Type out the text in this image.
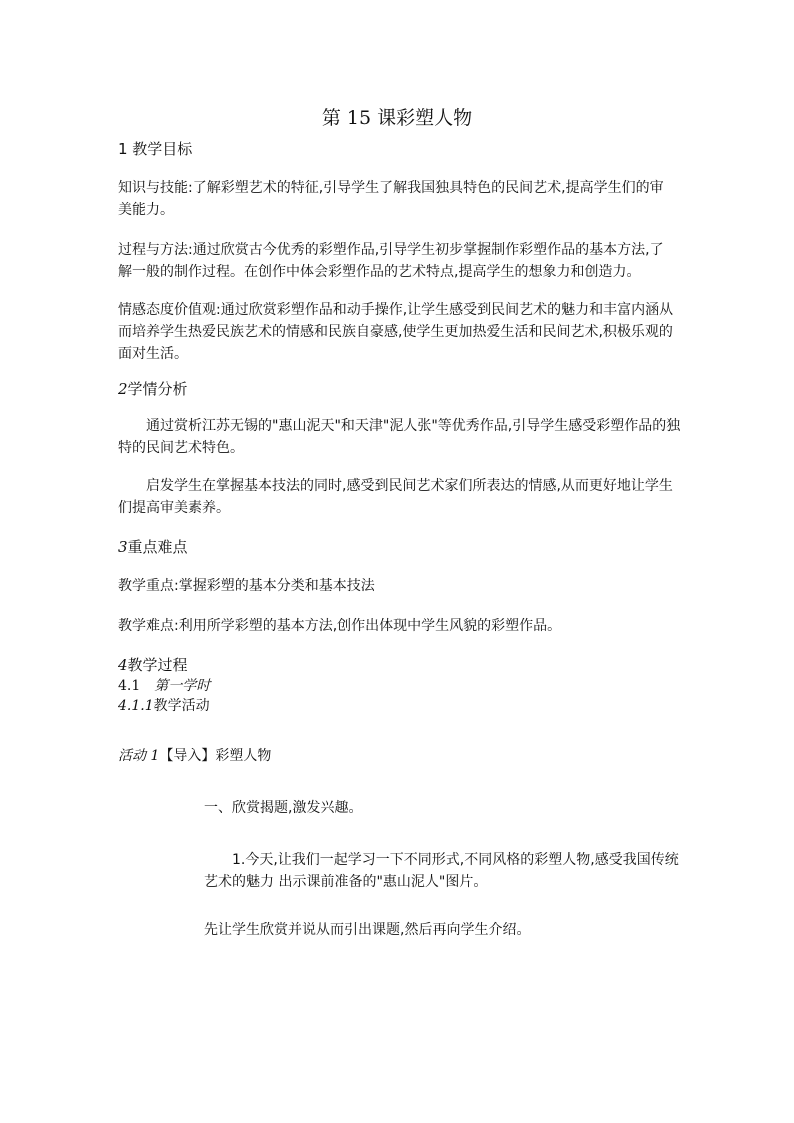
第 15 课彩塑人物
1 教学目标
知识与技能:了解彩塑艺术的特征,引导学生了解我国独具特色的民间艺术,提高学生们的审
美能力。
过程与方法:通过欣赏古今优秀的彩塑作品,引导学生初步掌握制作彩塑作品的基本方法,了
解一般的制作过程。在创作中体会彩塑作品的艺术特点,提高学生的想象力和创造力。
情感态度价值观:通过欣赏彩塑作品和动手操作,让学生感受到民间艺术的魅力和丰富内涵从
而培养学生热爱民族艺术的情感和民族自豪感,使学生更加热爱生活和民间艺术,积极乐观的
面对生活。
2学情分析
通过赏析江苏无锡的"惠山泥天"和天津"泥人张"等优秀作品,引导学生感受彩塑作品的独
特的民间艺术特色。
启发学生在掌握基本技法的同时,感受到民间艺术家们所表达的情感,从而更好地让学生
们提高审美素养。
3重点难点
教学重点:掌握彩塑的基本分类和基本技法
教学难点:利用所学彩塑的基本方法,创作出体现中学生风貌的彩塑作品。
4教学过程
4.1 第一学时
4.1.1教学活动
活动 1【导入】彩塑人物
一、欣赏揭题,激发兴趣。
1.今天,让我们一起学习一下不同形式,不同风格的彩塑人物,感受我国传统
艺术的魅力 出示课前准备的"惠山泥人"图片。
先让学生欣赏并说从而引出课题,然后再向学生介绍。
